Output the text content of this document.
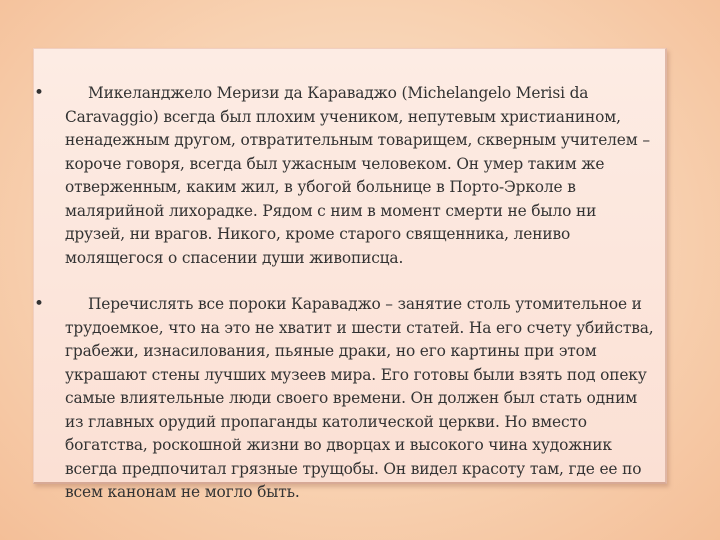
•	Микеланджело Меризи да Караваджо (Michelangelo Merisi da Caravaggio) всегда был плохим учеником, непутевым христианином, ненадежным другом, отвратительным товарищем, скверным учителем – короче говоря, всегда был ужасным человеком. Он умер таким же отверженным, каким жил, в убогой больнице в Порто-Эрколе в малярийной лихорадке. Рядом с ним в момент смерти не было ни друзей, ни врагов. Никого, кроме старого священника, лениво молящегося о спасении души живописца.

•	Перечислять все пороки Караваджо – занятие столь утомительное и трудоемкое, что на это не хватит и шести статей. На его счету убийства, грабежи, изнасилования, пьяные драки, но его картины при этом украшают стены лучших музеев мира. Его готовы были взять под опеку самые влиятельные люди своего времени. Он должен был стать одним из главных орудий пропаганды католической церкви. Но вместо богатства, роскошной жизни во дворцах и высокого чина художник всегда предпочитал грязные трущобы. Он видел красоту там, где ее по всем канонам не могло быть.
